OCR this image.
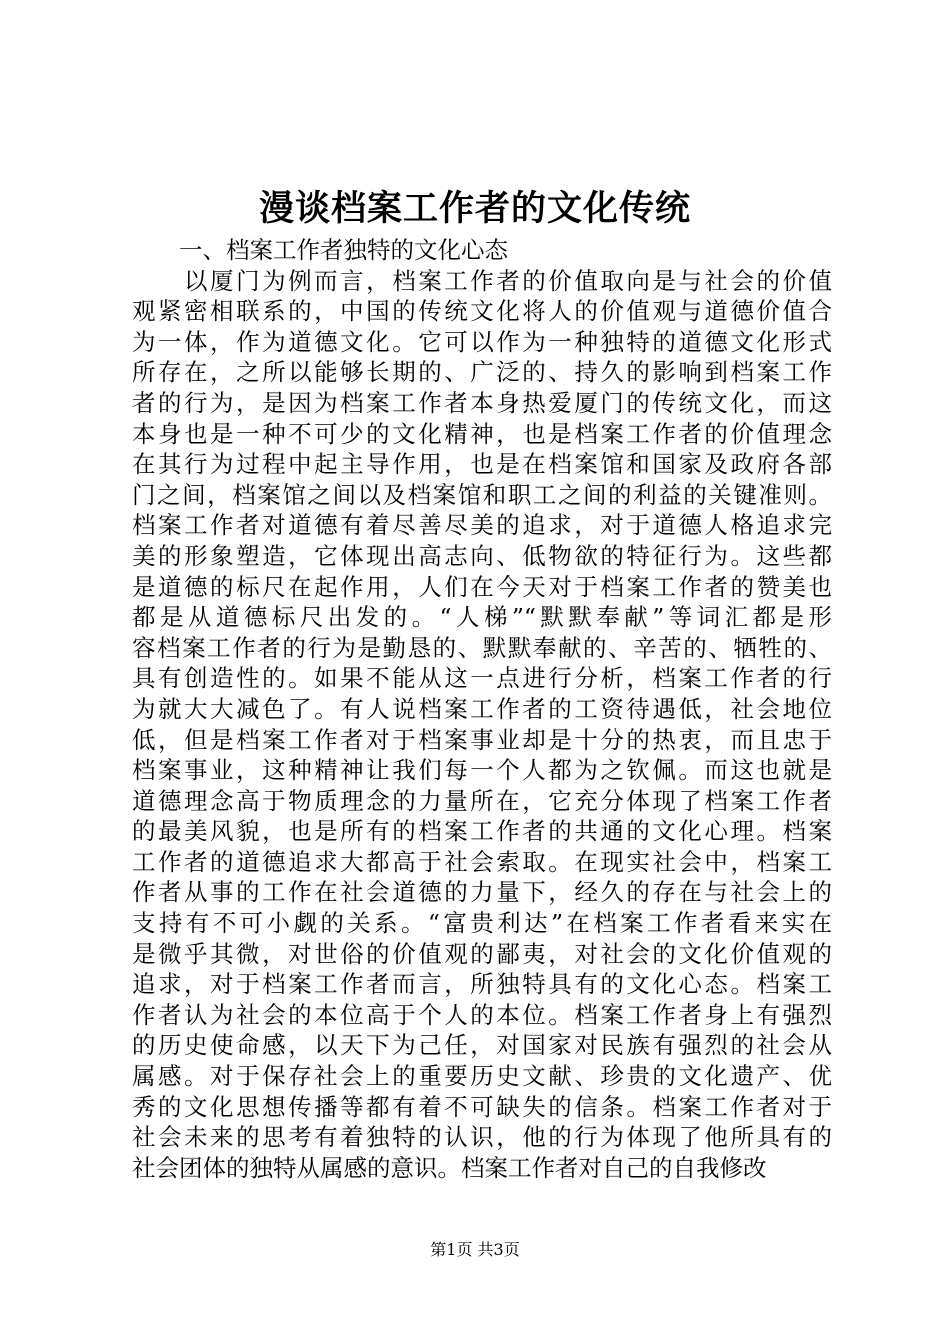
漫谈档案工作者的文化传统
一、档案工作者独特的文化心态
　　以厦门为例而言，档案工作者的价值取向是与社会的价值
观紧密相联系的，中国的传统文化将人的价值观与道德价值合
为一体，作为道德文化。它可以作为一种独特的道德文化形式
所存在，之所以能够长期的、广泛的、持久的影响到档案工作
者的行为，是因为档案工作者本身热爱厦门的传统文化，而这
本身也是一种不可少的文化精神，也是档案工作者的价值理念
在其行为过程中起主导作用，也是在档案馆和国家及政府各部
门之间，档案馆之间以及档案馆和职工之间的利益的关键准则。
档案工作者对道德有着尽善尽美的追求，对于道德人格追求完
美的形象塑造，它体现出高志向、低物欲的特征行为。这些都
是道德的标尺在起作用，人们在今天对于档案工作者的赞美也
都是从道德标尺出发的。“人梯”“默默奉献”等词汇都是形
容档案工作者的行为是勤恳的、默默奉献的、辛苦的、牺牲的、
具有创造性的。如果不能从这一点进行分析，档案工作者的行
为就大大减色了。有人说档案工作者的工资待遇低，社会地位
低，但是档案工作者对于档案事业却是十分的热衷，而且忠于
档案事业，这种精神让我们每一个人都为之钦佩。而这也就是
道德理念高于物质理念的力量所在，它充分体现了档案工作者
的最美风貌，也是所有的档案工作者的共通的文化心理。档案
工作者的道德追求大都高于社会索取。在现实社会中，档案工
作者从事的工作在社会道德的力量下，经久的存在与社会上的
支持有不可小觑的关系。“富贵利达”在档案工作者看来实在
是微乎其微，对世俗的价值观的鄙夷，对社会的文化价值观的
追求，对于档案工作者而言，所独特具有的文化心态。档案工
作者认为社会的本位高于个人的本位。档案工作者身上有强烈
的历史使命感，以天下为己任，对国家对民族有强烈的社会从
属感。对于保存社会上的重要历史文献、珍贵的文化遗产、优
秀的文化思想传播等都有着不可缺失的信条。档案工作者对于
社会未来的思考有着独特的认识，他的行为体现了他所具有的
社会团体的独特从属感的意识。档案工作者对自己的自我修改
第1页 共3页
